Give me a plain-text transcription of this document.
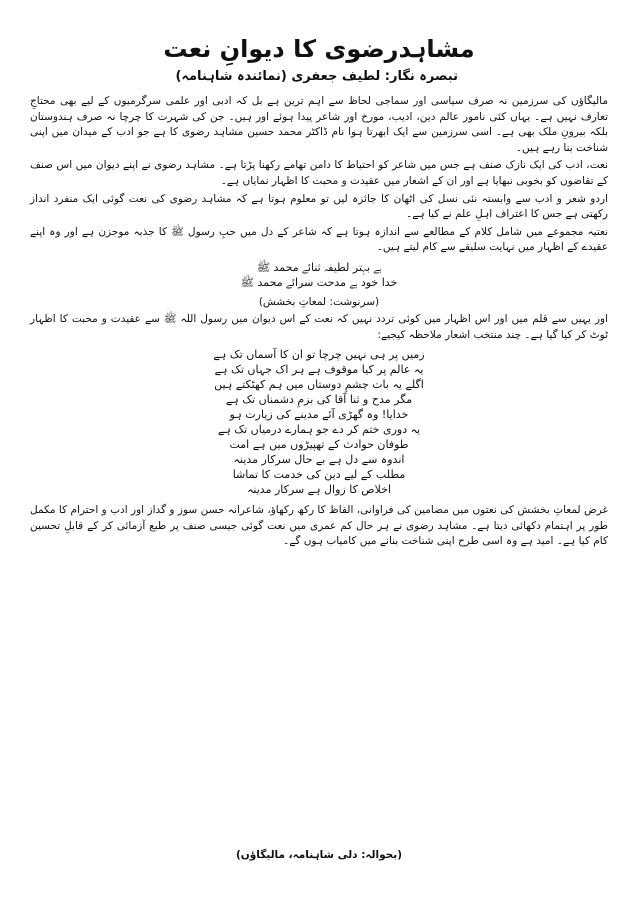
مشاہدرضوی کا دیوانِ نعت
تبصرہ نگار: لطیف جعفری (نمائندہ شاہنامہ)

مالیگاؤں کی سرزمین نہ صرف سیاسی اور سماجی لحاظ سے اہم ترین ہے بل کہ ادبی اور علمی سرگرمیوں کے لیے بھی محتاجِ تعارف نہیں ہے۔ یہاں کئی نامور عالم دین، ادیب، مورخ اور شاعر پیدا ہوئے اور ہیں۔ جن کی شہرت کا چرچا نہ صرف ہندوستان بلکہ بیرونِ ملک بھی ہے۔ اسی سرزمین سے ایک ابھرتا ہوا نام ڈاکٹر محمد حسین مشاہد رضوی کا ہے جو ادب کے میدان میں اپنی شناخت بنا رہے ہیں۔

نعت، ادب کی ایک نازک صنف ہے جس میں شاعر کو احتیاط کا دامن تھامے رکھنا پڑتا ہے۔ مشاہد رضوی نے اپنے دیوان میں اس صنف کے تقاضوں کو بخوبی نبھایا ہے اور ان کے اشعار میں عقیدت و محبت کا اظہار نمایاں ہے۔

اردو شعر و ادب سے وابستہ نئی نسل کی اٹھان کا جائزہ لیں تو معلوم ہوتا ہے کہ مشاہد رضوی کی نعت گوئی ایک منفرد انداز رکھتی ہے جس کا اعتراف اہلِ علم نے کیا ہے۔

نعتیہ مجموعے میں شامل کلام کے مطالعے سے اندازہ ہوتا ہے کہ شاعر کے دل میں حبِ رسول ﷺ کا جذبہ موجزن ہے اور وہ اپنے عقیدے کے اظہار میں نہایت سلیقے سے کام لیتے ہیں۔

ہے بہتر لطیفہ ثنائے محمد ﷺ

خدا خود ہے مدحت سرائے محمد ﷺ

(سرنوشت: لمعاتِ بخشش)

اور یہیں سے قلم میں اور اس اظہار میں کوئی تردد نہیں کہ نعت کے اس دیوان میں رسول اللہ ﷺ سے عقیدت و محبت کا اظہار ٹوٹ کر کیا گیا ہے۔ چند منتخب اشعار ملاحظہ کیجیے:

زمیں پر ہی نہیں چرچا تو ان کا آسماں تک ہے

یہ عالم پر کیا موقوف ہے ہر اک جہاں تک ہے

اگلے یہ بات چشمِ دوستاں میں ہم کھٹکتے ہیں

مگر مدح و ثنا آقا کی بزمِ دشمناں تک ہے

خدایا! وہ گھڑی آئے مدینے کی زیارت ہو

یہ دوری ختم کر دے جو ہمارے درمیاں تک ہے

طوفان حوادث کے تھپیڑوں میں ہے امت

اندوہ سے دل ہے بے حال سرکار مدینہ

مطلب کے لیے دین کی خدمت کا تماشا

اخلاص کا زوال ہے سرکار مدینہ

غرض لمعاتِ بخشش کی نعتوں میں مضامین کی فراوانی، الفاظ کا رکھ رکھاؤ، شاعرانہ حسن سوز و گداز اور ادب و احترام کا مکمل طور پر اہتمام دکھائی دیتا ہے۔ مشاہد رضوی نے ہر حال کم عمری میں نعت گوئی جیسی صنف پر طبع آزمائی کر کے قابلِ تحسین کام کیا ہے۔ امید ہے وہ اسی طرح اپنی شناخت بنانے میں کامیاب ہوں گے۔

(بحوالہ: دلی شاہنامہ، مالیگاؤں)
